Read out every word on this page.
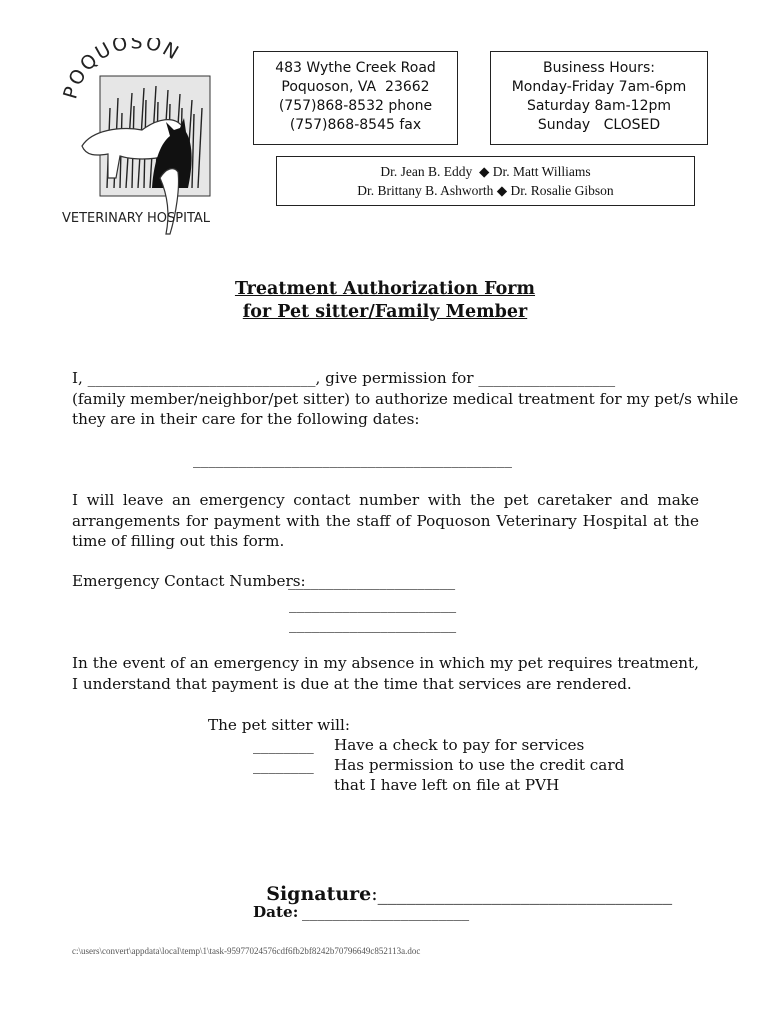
OQUOSON
VETERINARY HOSPITAL
483 Wythe Creek Road
Poquoson, VA  23662
(757)868-8532 phone
(757)868-8545 fax
Business Hours:
Monday-Friday 7am-6pm
Saturday 8am-12pm
Sunday   CLOSED
Dr. Jean B. Eddy  ◆ Dr. Matt Williams
Dr. Brittany B. Ashworth ◆ Dr. Rosalie Gibson
Treatment Authorization Form
for Pet sitter/Family Member
I, ______________________________, give permission for __________________
(family member/neighbor/pet sitter) to authorize medical treatment for my pet/s while
they are in their care for the following dates:
__________________________________________
I will leave an emergency contact number with the pet caretaker and make arrangements for payment with the staff of Poquoson Veterinary Hospital at the time of filling out this form.
Emergency Contact Numbers:
______________________
______________________
______________________
In the event of an emergency in my absence in which my pet requires treatment, I understand that payment is due at the time that services are rendered.
The pet sitter will:
________ Have a check to pay for services
________ Has permission to use the credit card
that I have left on file at PVH

Signature:_______________________________

Date: ______________________
c:\users\convert\appdata\local\temp\1\task-95977024576cdf6fb2bf8242b70796649c852113a.doc
